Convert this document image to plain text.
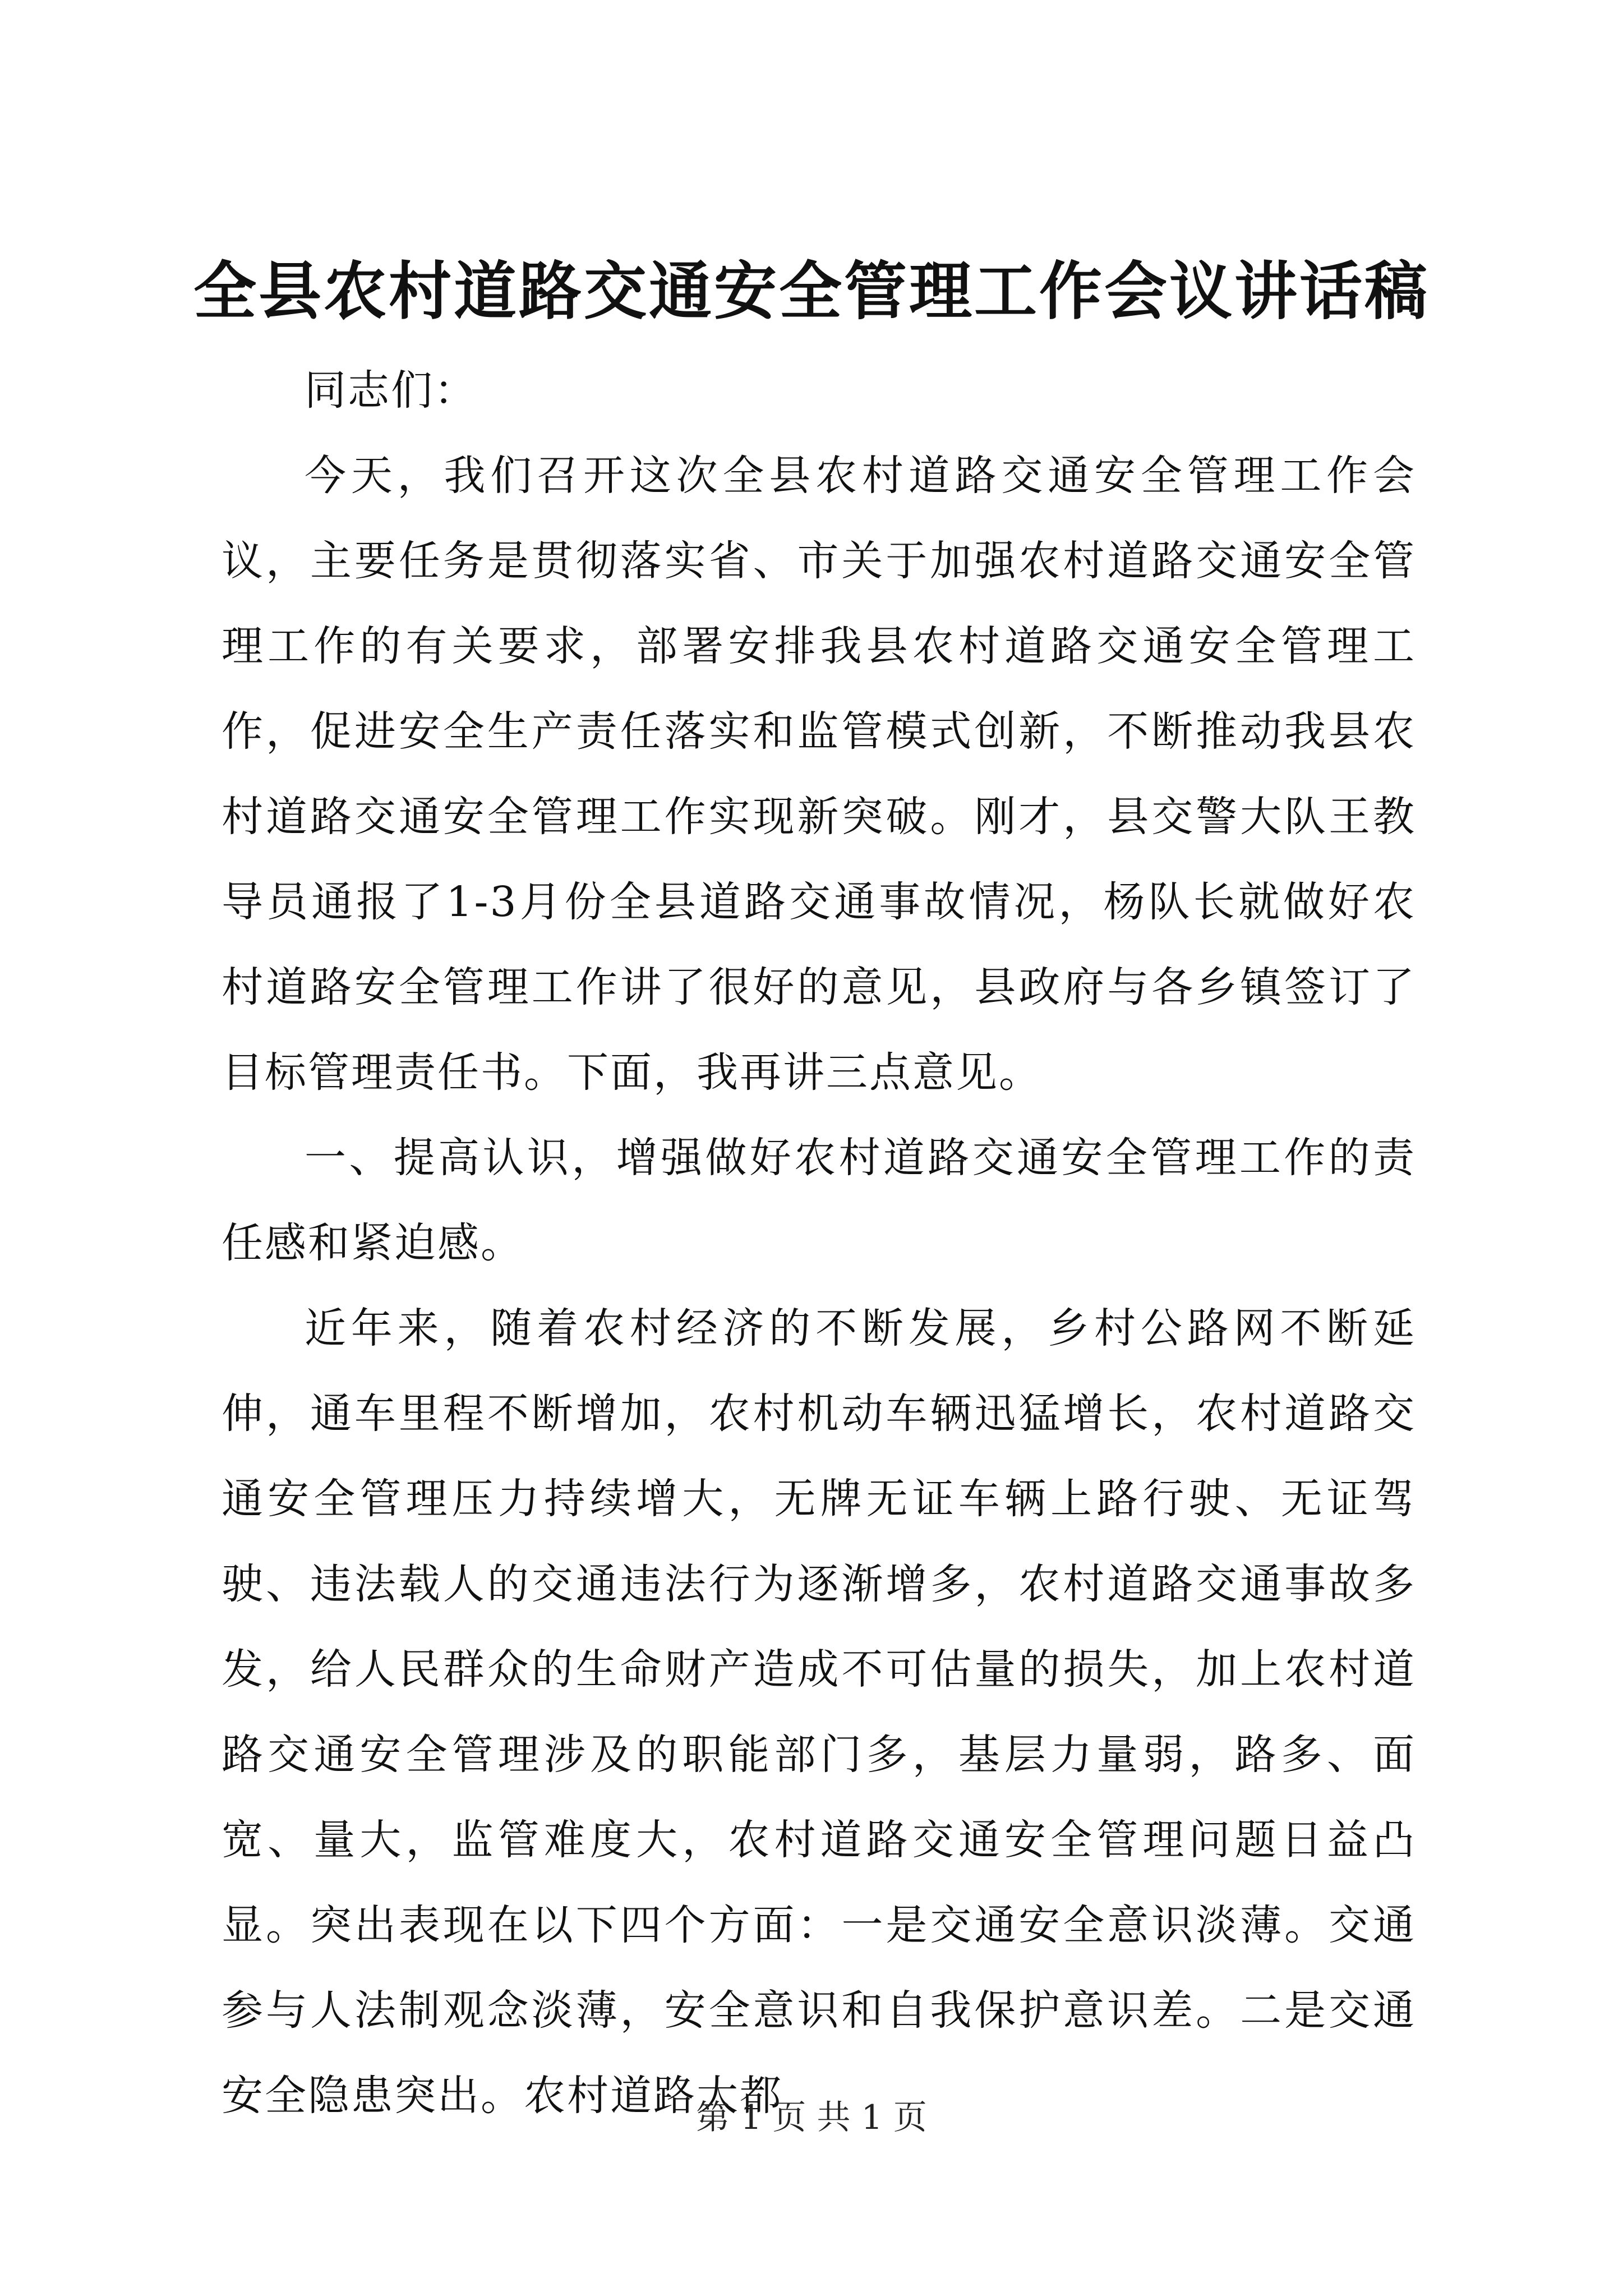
全县农村道路交通安全管理工作会议讲话稿

同志们：

今天，我们召开这次全县农村道路交通安全管理工作会议，主要任务是贯彻落实省、市关于加强农村道路交通安全管理工作的有关要求，部署安排我县农村道路交通安全管理工作，促进安全生产责任落实和监管模式创新，不断推动我县农村道路交通安全管理工作实现新突破。刚才，县交警大队王教导员通报了1-3月份全县道路交通事故情况，杨队长就做好农村道路安全管理工作讲了很好的意见，县政府与各乡镇签订了目标管理责任书。下面，我再讲三点意见。

一、提高认识，增强做好农村道路交通安全管理工作的责任感和紧迫感。

近年来，随着农村经济的不断发展，乡村公路网不断延伸，通车里程不断增加，农村机动车辆迅猛增长，农村道路交通安全管理压力持续增大，无牌无证车辆上路行驶、无证驾驶、违法载人的交通违法行为逐渐增多，农村道路交通事故多发，给人民群众的生命财产造成不可估量的损失，加上农村道路交通安全管理涉及的职能部门多，基层力量弱，路多、面宽、量大，监管难度大，农村道路交通安全管理问题日益凸显。突出表现在以下四个方面：一是交通安全意识淡薄。交通参与人法制观念淡薄，安全意识和自我保护意识差。二是交通安全隐患突出。农村道路大都

第 1 页 共 1 页
